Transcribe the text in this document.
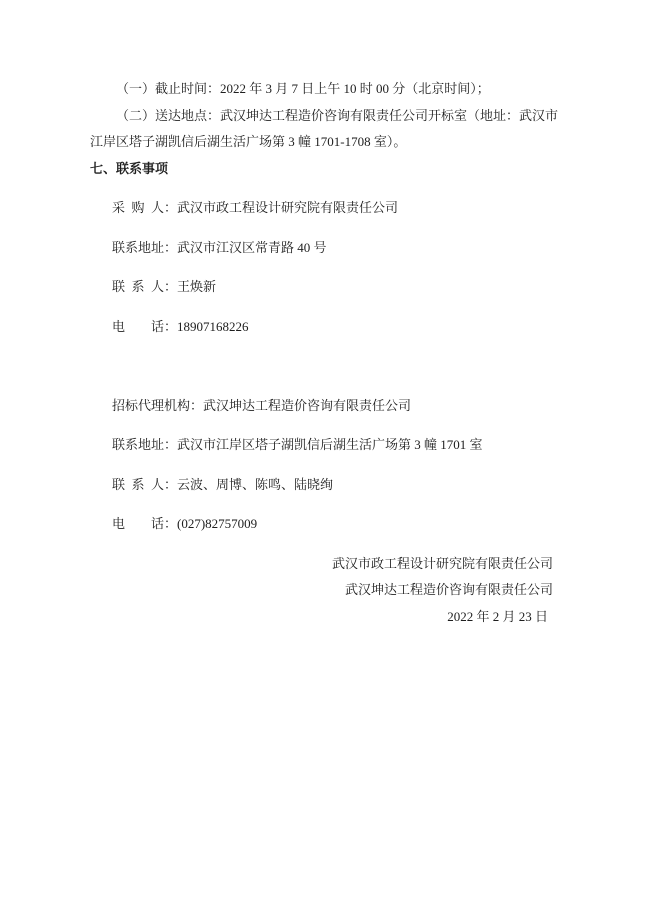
（一）截止时间：2022 年 3 月 7 日上午 10 时 00 分（北京时间）；

（二）送达地点：武汉坤达工程造价咨询有限责任公司开标室（地址：武汉市

江岸区塔子湖凯信后湖生活广场第 3 幢 1701-1708 室）。

七、联系事项

采购人：武汉市政工程设计研究院有限责任公司

联系地址：武汉市江汉区常青路 40 号

联系人：王焕新

电话：18907168226

招标代理机构：武汉坤达工程造价咨询有限责任公司

联系地址：武汉市江岸区塔子湖凯信后湖生活广场第 3 幢 1701 室

联系人：云波、周博、陈鸣、陆晓绚

电话：(027)82757009

武汉市政工程设计研究院有限责任公司

武汉坤达工程造价咨询有限责任公司

2022 年 2 月 23 日
